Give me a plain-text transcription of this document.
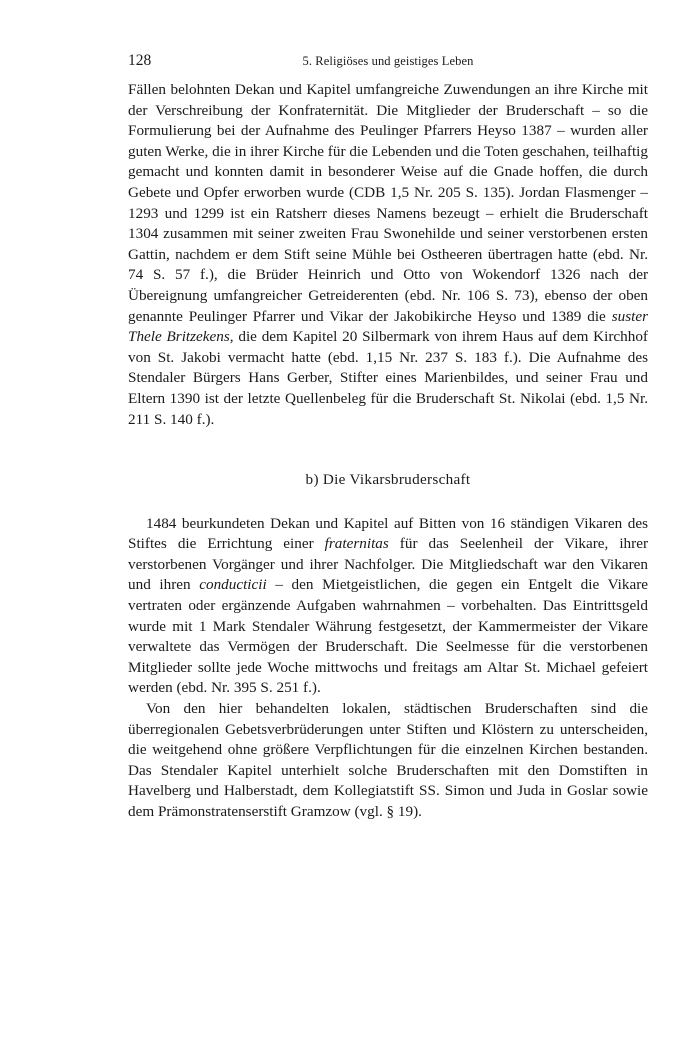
128	5. Religiöses und geistiges Leben

Fällen belohnten Dekan und Kapitel umfangreiche Zuwendungen an ihre Kirche mit der Verschreibung der Konfraternität. Die Mitglieder der Bruderschaft – so die Formulierung bei der Aufnahme des Peulinger Pfarrers Heyso 1387 – wurden aller guten Werke, die in ihrer Kirche für die Lebenden und die Toten geschahen, teilhaftig gemacht und konnten damit in besonderer Weise auf die Gnade hoffen, die durch Gebete und Opfer erworben wurde (CDB 1,5 Nr. 205 S. 135). Jordan Flasmenger – 1293 und 1299 ist ein Ratsherr dieses Namens bezeugt – erhielt die Bruderschaft 1304 zusammen mit seiner zweiten Frau Swonehilde und seiner verstorbenen ersten Gattin, nachdem er dem Stift seine Mühle bei Ostheeren übertragen hatte (ebd. Nr. 74 S. 57 f.), die Brüder Heinrich und Otto von Wokendorf 1326 nach der Übereignung umfangreicher Getreiderenten (ebd. Nr. 106 S. 73), ebenso der oben genannte Peulinger Pfarrer und Vikar der Jakobikirche Heyso und 1389 die suster Thele Britzekens, die dem Kapitel 20 Silbermark von ihrem Haus auf dem Kirchhof von St. Jakobi vermacht hatte (ebd. 1,15 Nr. 237 S. 183 f.). Die Aufnahme des Stendaler Bürgers Hans Gerber, Stifter eines Marienbildes, und seiner Frau und Eltern 1390 ist der letzte Quellenbeleg für die Bruderschaft St. Nikolai (ebd. 1,5 Nr. 211 S. 140 f.).

b) Die Vikarsbruderschaft

1484 beurkundeten Dekan und Kapitel auf Bitten von 16 ständigen Vikaren des Stiftes die Errichtung einer fraternitas für das Seelenheil der Vikare, ihrer verstorbenen Vorgänger und ihrer Nachfolger. Die Mitgliedschaft war den Vikaren und ihren conducticii – den Mietgeistlichen, die gegen ein Entgelt die Vikare vertraten oder ergänzende Aufgaben wahrnahmen – vorbehalten. Das Eintrittsgeld wurde mit 1 Mark Stendaler Währung festgesetzt, der Kammermeister der Vikare verwaltete das Vermögen der Bruderschaft. Die Seelmesse für die verstorbenen Mitglieder sollte jede Woche mittwochs und freitags am Altar St. Michael gefeiert werden (ebd. Nr. 395 S. 251 f.).

Von den hier behandelten lokalen, städtischen Bruderschaften sind die überregionalen Gebetsverbrüderungen unter Stiften und Klöstern zu unterscheiden, die weitgehend ohne größere Verpflichtungen für die einzelnen Kirchen bestanden. Das Stendaler Kapitel unterhielt solche Bruderschaften mit den Domstiften in Havelberg und Halberstadt, dem Kollegiatstift SS. Simon und Juda in Goslar sowie dem Prämonstratenserstift Gramzow (vgl. § 19).
